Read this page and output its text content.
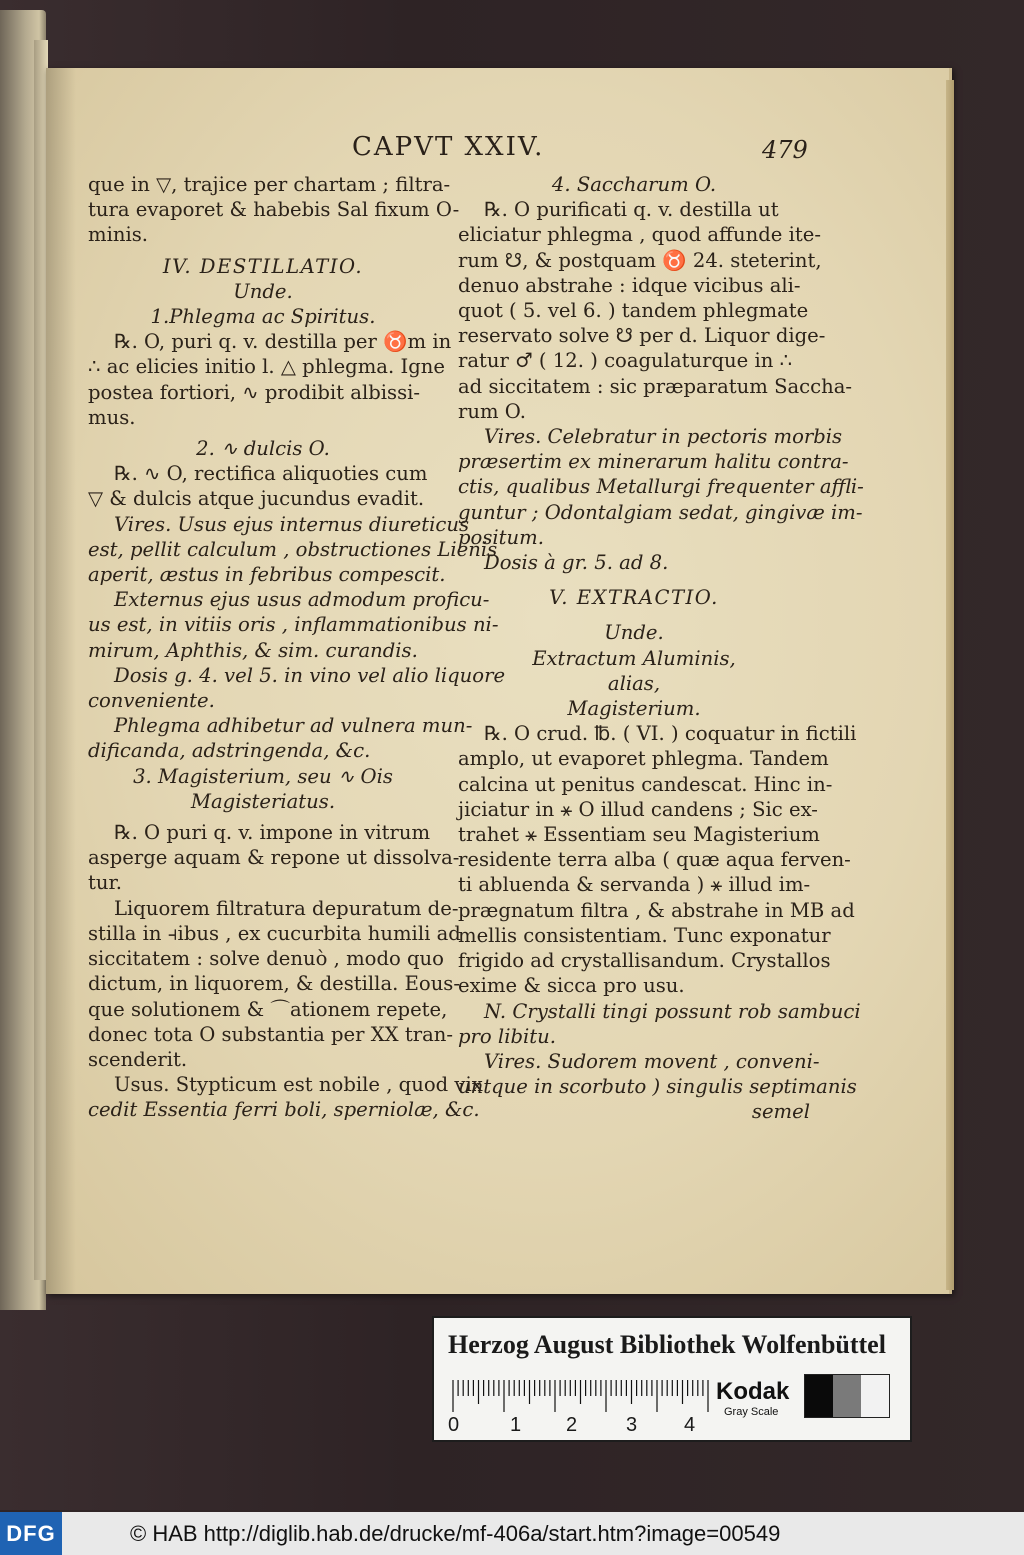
CAPVT XXIV.	479

que in ▽, trajice per chartam ; filtra-

tura evaporet & habebis Sal fixum O-

minis.

IV. DESTILLATIO.

Unde.

1.Phlegma ac Spiritus.

℞. O, puri q. v. destilla per ♉m in

∴ ac elicies initio l. △ phlegma. Igne

postea fortiori, ∿ prodibit albissi-

mus.

2. ∿ dulcis O.

℞. ∿ O, rectifica aliquoties cum

▽ & dulcis atque jucundus evadit.

Vires. Usus ejus internus diureticus

est, pellit calculum , obstructiones Lienis

aperit, æstus in febribus compescit.

Externus ejus usus admodum proficu-

us est, in vitiis oris , inflammationibus ni-

mirum, Aphthis, & sim. curandis.

Dosis g. 4. vel 5. in vino vel alio liquore

conveniente.

Phlegma adhibetur ad vulnera mun-

dificanda, adstringenda, &c.

3. Magisterium, seu ∿ Ois

Magisteriatus.

℞. O puri q. v. impone in vitrum

asperge aquam & repone ut dissolva-

tur.

Liquorem filtratura depuratum de-

stilla in ⫞ibus , ex cucurbita humili ad

siccitatem : solve denuò , modo quo

dictum, in liquorem, & destilla. Eous-

que solutionem & ⌒ationem repete,

donec tota O substantia per ⅩⅩ tran-

scenderit.

Usus. Stypticum est nobile , quod vix

cedit Essentia ferri boli, sperniolæ, &c.

4. Saccharum O.

℞. O purificati q. v. destilla ut

eliciatur phlegma , quod affunde ite-

rum ☋, & postquam ♉ 24. steterint,

denuo abstrahe : idque vicibus ali-

quot ( 5. vel 6. ) tandem phlegmate

reservato solve ☋ per d. Liquor dige-

ratur ♂ ( 12. ) coagulaturque in ∴

ad siccitatem : sic præparatum Saccha-

rum O.

Vires. Celebratur in pectoris morbis

præsertim ex minerarum halitu contra-

ctis, qualibus Metallurgi frequenter affli-

guntur ; Odontalgiam sedat, gingivæ im-

positum.

Dosis à gr. 5. ad 8.

V. EXTRACTIO.

Unde.

Extractum Aluminis,

alias,

Magisterium.

℞. O crud. ℔. ( VI. ) coquatur in fictili

amplo, ut evaporet phlegma. Tandem

calcina ut penitus candescat. Hinc in-

jiciatur in ⚹ O illud candens ; Sic ex-

trahet ⚹ Essentiam seu Magisterium

residente terra alba ( quæ aqua ferven-

ti abluenda & servanda ) ⚹ illud im-

prægnatum filtra , & abstrahe in MB ad

mellis consistentiam. Tunc exponatur

frigido ad crystallisandum. Crystallos

exime & sicca pro usu.

N. Crystalli tingi possunt rob sambuci

pro libitu.

Vires. Sudorem movent , conveni-

untque in scorbuto ) singulis septimanis

semel

Herzog August Bibliothek Wolfenbüttel
0	1 2 3 4
Kodak
Gray Scale
DFG	© HAB http://diglib.hab.de/drucke/mf-406a/start.htm?image=00549
